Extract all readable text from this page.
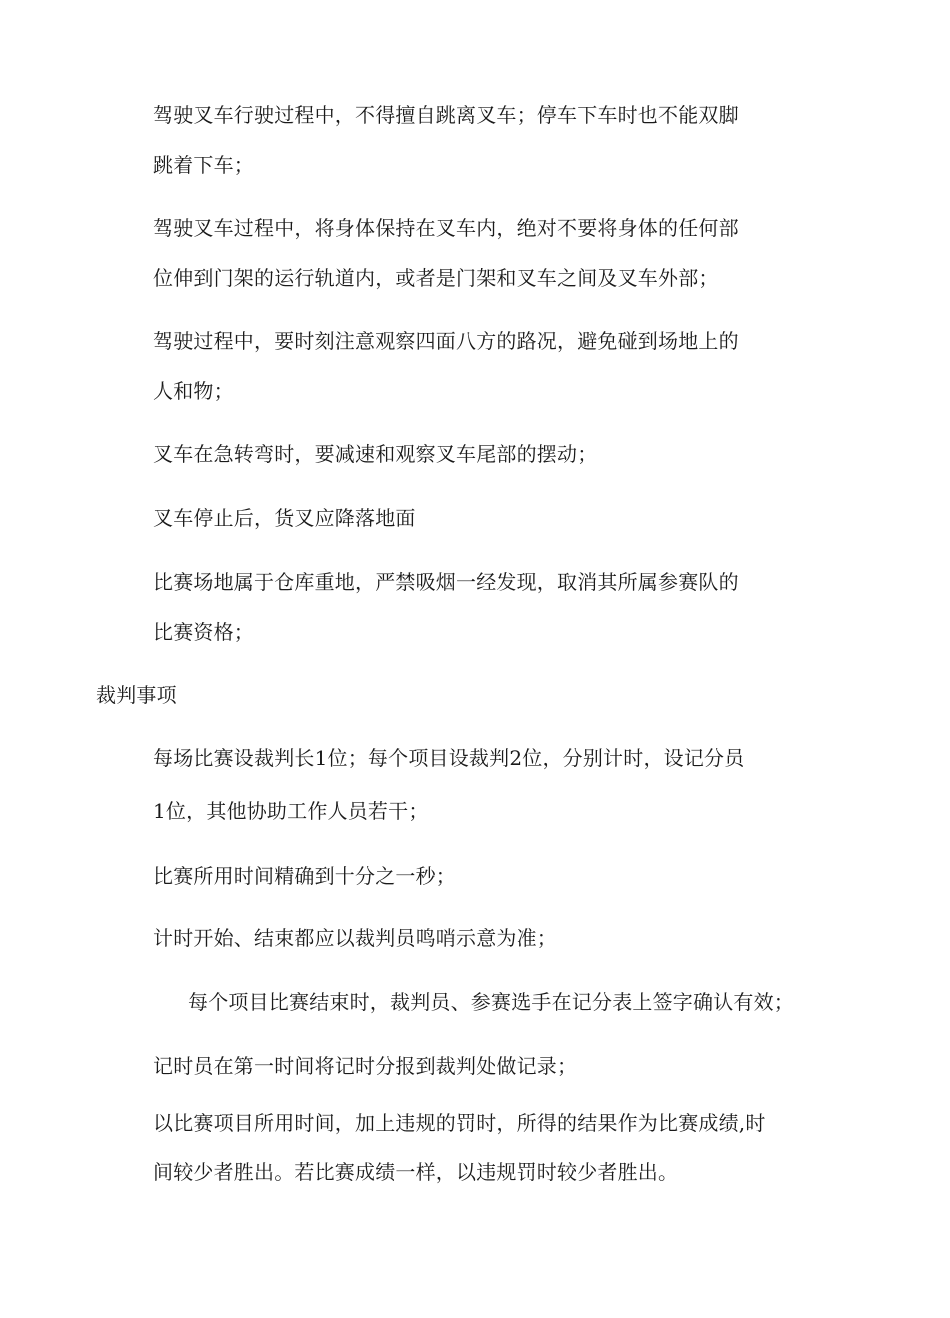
驾驶叉车行驶过程中，不得擅自跳离叉车；停车下车时也不能双脚
跳着下车；
驾驶叉车过程中，将身体保持在叉车内，绝对不要将身体的任何部
位伸到门架的运行轨道内，或者是门架和叉车之间及叉车外部；
驾驶过程中，要时刻注意观察四面八方的路况，避免碰到场地上的
人和物；
叉车在急转弯时，要减速和观察叉车尾部的摆动；
叉车停止后，货叉应降落地面
比赛场地属于仓库重地，严禁吸烟一经发现，取消其所属参赛队的
比赛资格；
裁判事项
每场比赛设裁判长1位；每个项目设裁判2位，分别计时，设记分员
1位，其他协助工作人员若干；
比赛所用时间精确到十分之一秒；
计时开始、结束都应以裁判员鸣哨示意为准；
每个项目比赛结束时，裁判员、参赛选手在记分表上签字确认有效；
记时员在第一时间将记时分报到裁判处做记录；
以比赛项目所用时间，加上违规的罚时，所得的结果作为比赛成绩,时
间较少者胜出。若比赛成绩一样，以违规罚时较少者胜出。
